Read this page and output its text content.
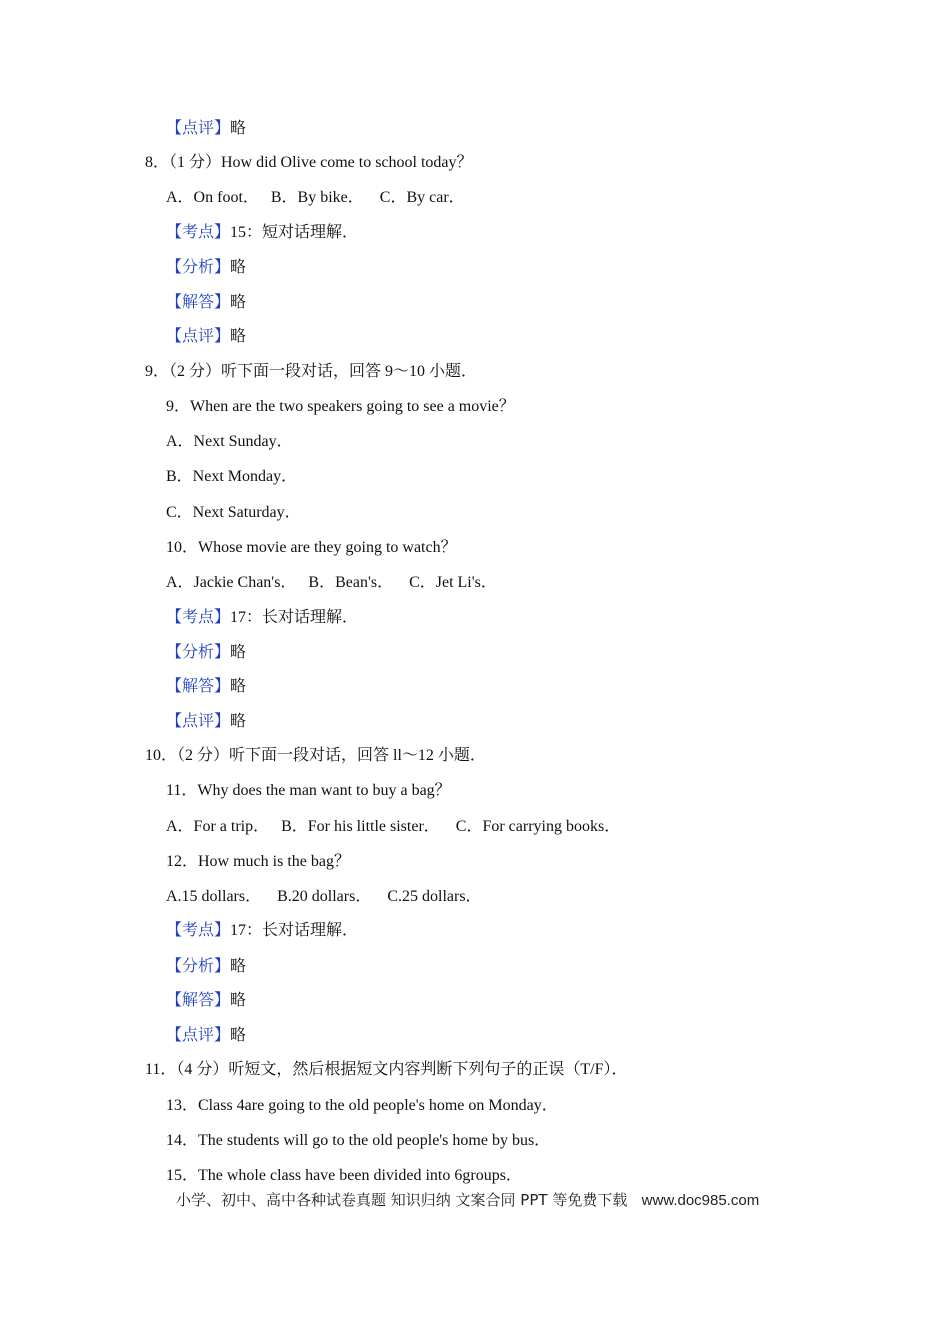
【点评】略
8．（1 分）How did Olive come to school today？
A．On foot．   B．By bike．    C．By car．
【考点】15：短对话理解．
【分析】略
【解答】略
【点评】略
9．（2 分）听下面一段对话，回答 9～10 小题．
9．When are the two speakers going to see a movie？
A．Next Sunday．
B．Next Monday．
C．Next Saturday．
10．Whose movie are they going to watch？
A．Jackie Chan's．   B．Bean's．    C．Jet Li's．
【考点】17：长对话理解．
【分析】略
【解答】略
【点评】略
10．（2 分）听下面一段对话，回答 ll～12 小题．
11．Why does the man want to buy a bag？
A．For a trip．   B．For his little sister．    C．For carrying books．
12．How much is the bag？
A.15 dollars．    B.20 dollars．    C.25 dollars．
【考点】17：长对话理解．
【分析】略
【解答】略
【点评】略
11．（4 分）听短文，然后根据短文内容判断下列句子的正误（T/F）．
13．Class 4are going to the old people's home on Monday．
14．The students will go to the old people's home by bus．
15．The whole class have been divided into 6groups．
小学、初中、高中各种试卷真题 知识归纳 文案合同 PPT 等免费下载 www.doc985.com
